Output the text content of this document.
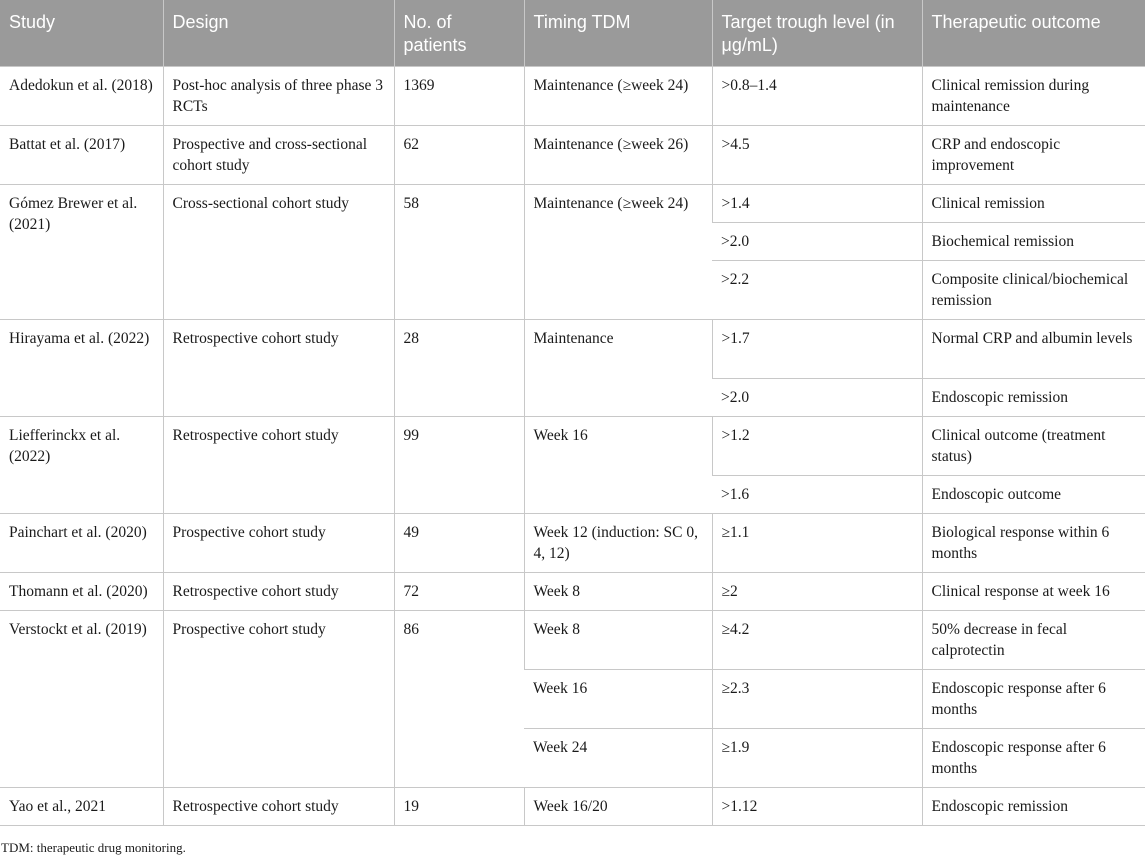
Study	Design	No. of patients	Timing TDM	Target trough level (in μg/mL)	Therapeutic outcome
Adedokun et al. (2018)	Post-hoc analysis of three phase 3 RCTs	1369	Maintenance (≥week 24)	>0.8–1.4	Clinical remission during maintenance
Battat et al. (2017)	Prospective and cross-sectional cohort study	62	Maintenance (≥week 26)	>4.5	CRP and endoscopic improvement
Gómez Brewer et al. (2021)	Cross-sectional cohort study	58	Maintenance (≥week 24)	>1.4	Clinical remission
				>2.0	Biochemical remission
				>2.2	Composite clinical/biochemical remission
Hirayama et al. (2022)	Retrospective cohort study	28	Maintenance	>1.7	Normal CRP and albumin levels
				>2.0	Endoscopic remission
Liefferinckx et al. (2022)	Retrospective cohort study	99	Week 16	>1.2	Clinical outcome (treatment status)
				>1.6	Endoscopic outcome
Painchart et al. (2020)	Prospective cohort study	49	Week 12 (induction: SC 0, 4, 12)	≥1.1	Biological response within 6 months
Thomann et al. (2020)	Retrospective cohort study	72	Week 8	≥2	Clinical response at week 16
Verstockt et al. (2019)	Prospective cohort study	86	Week 8	≥4.2	50% decrease in fecal calprotectin
			Week 16	≥2.3	Endoscopic response after 6 months
			Week 24	≥1.9	Endoscopic response after 6 months
Yao et al., 2021	Retrospective cohort study	19	Week 16/20	>1.12	Endoscopic remission
TDM: therapeutic drug monitoring.
